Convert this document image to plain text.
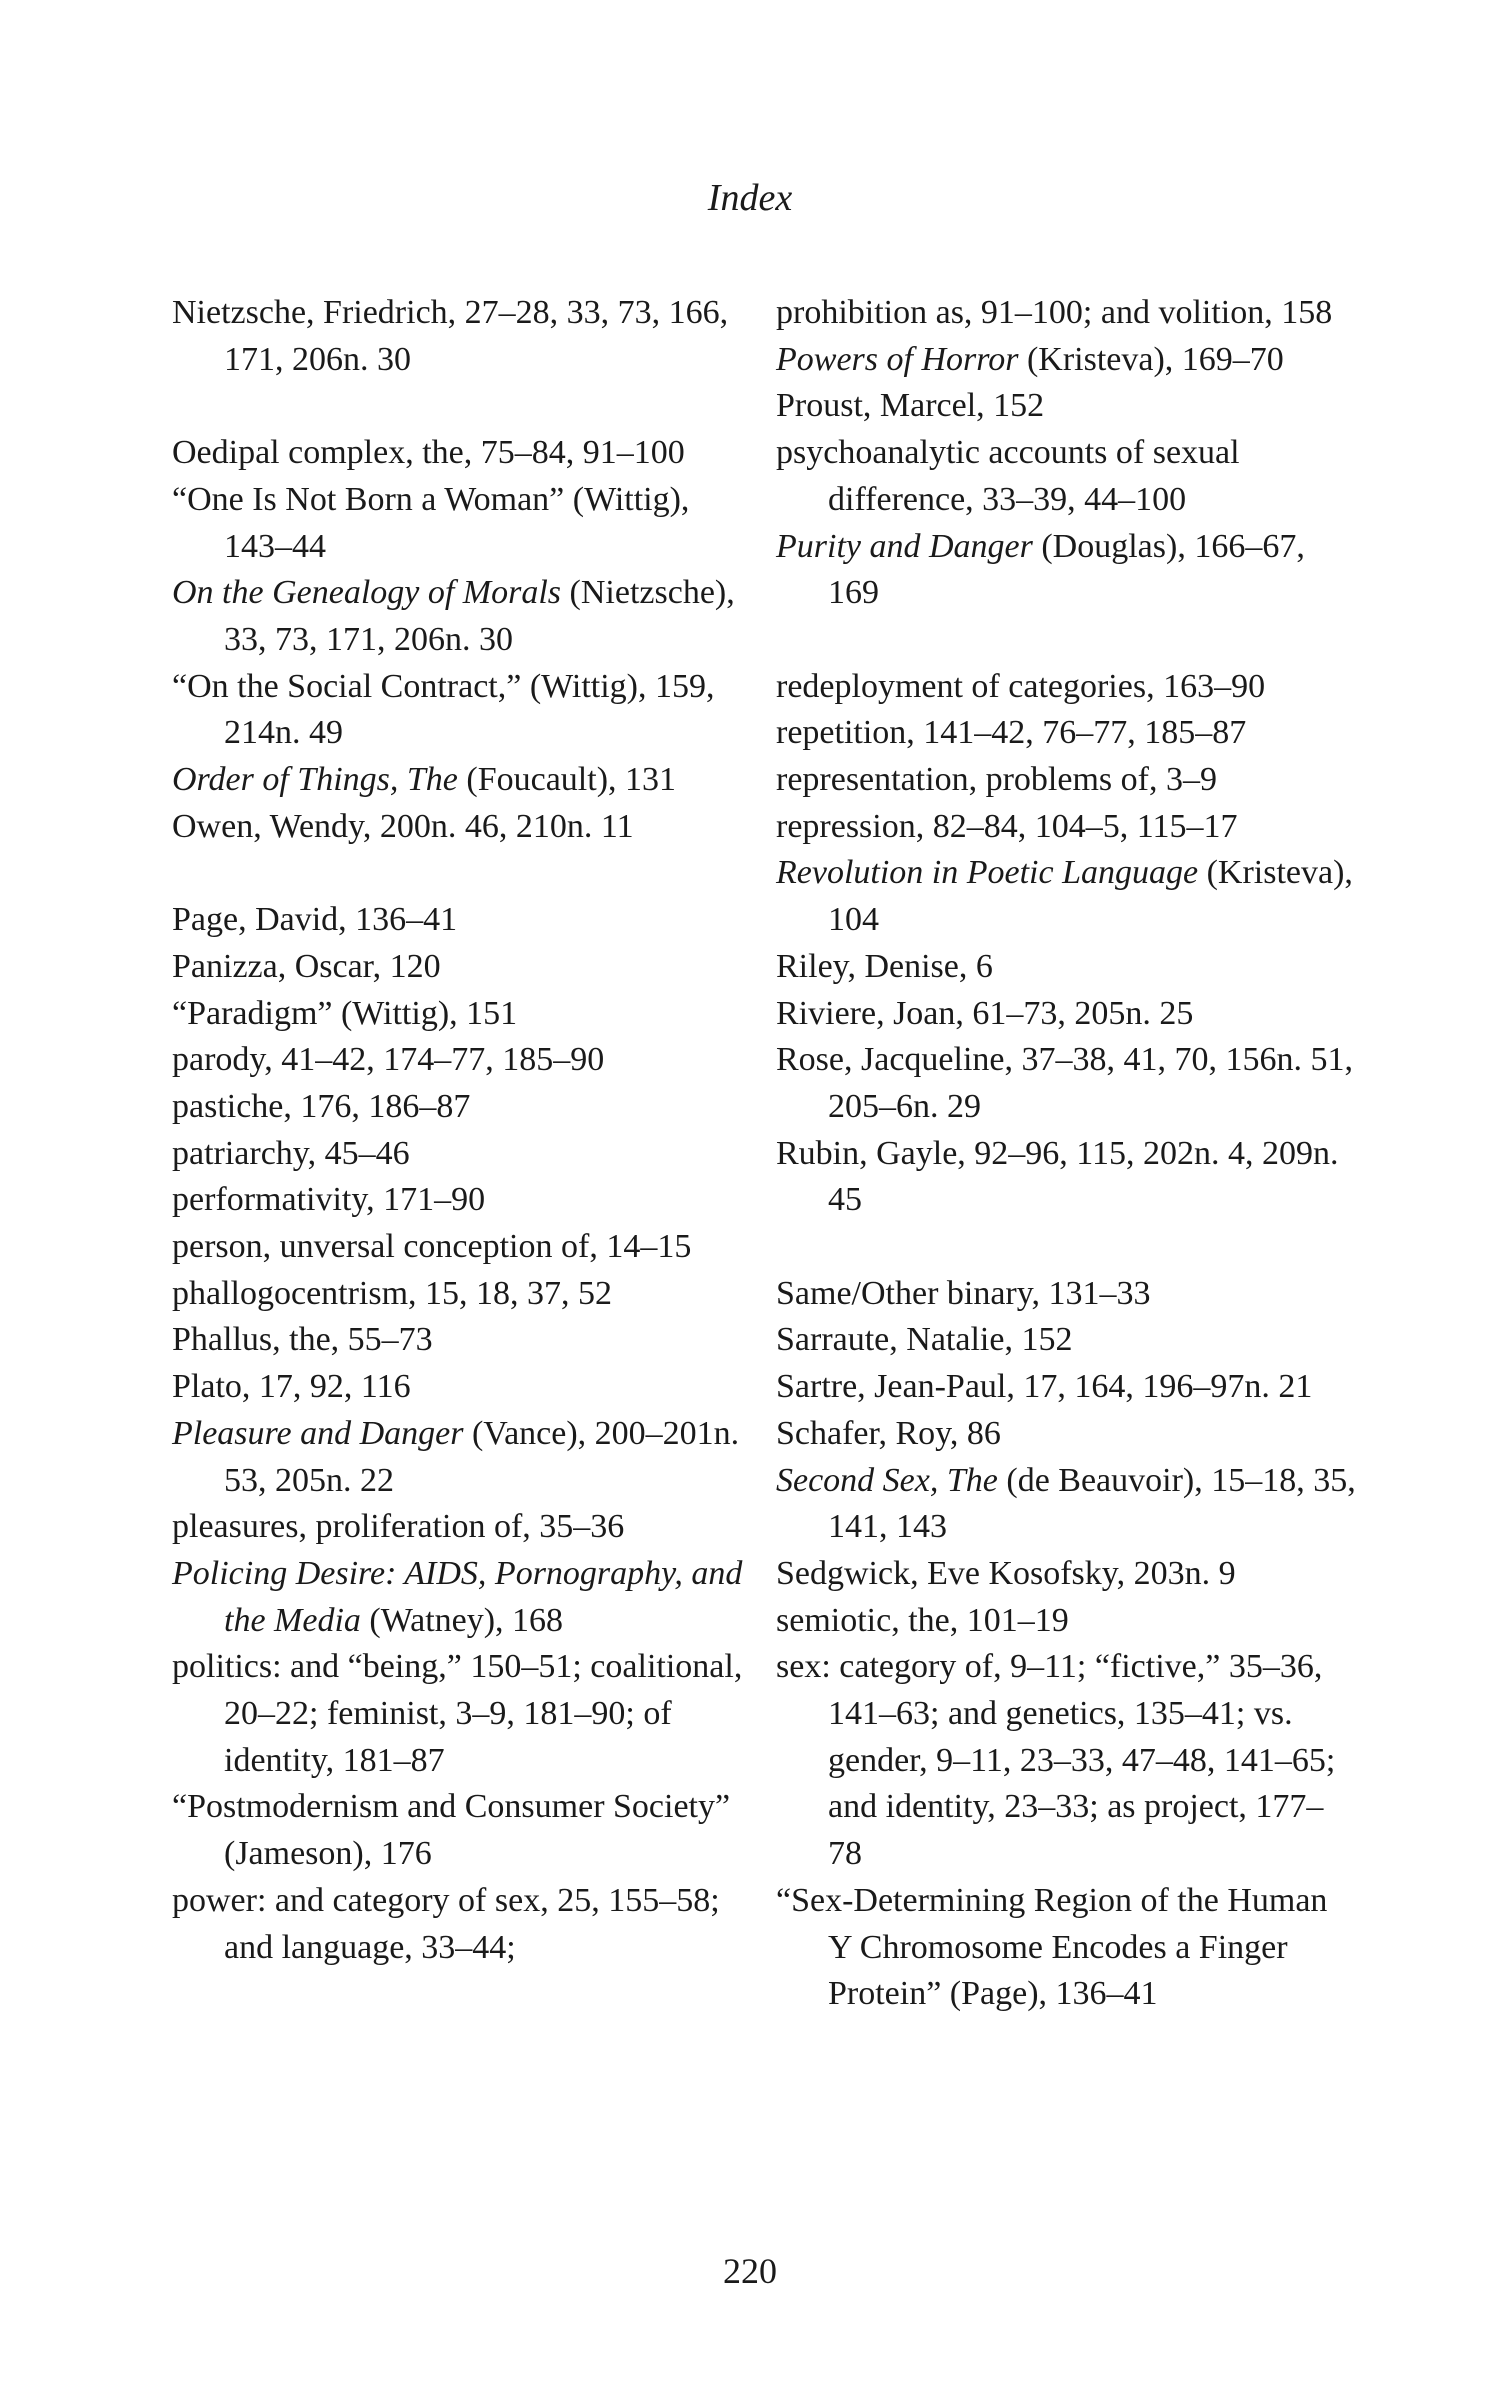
Index
Nietzsche, Friedrich, 27–28, 33, 73, 166, 171, 206n. 30
Oedipal complex, the, 75–84, 91–100
“One Is Not Born a Woman” (Wittig), 143–44
On the Genealogy of Morals (Nietzsche), 33, 73, 171, 206n. 30
“On the Social Contract,” (Wittig), 159, 214n. 49
Order of Things, The (Foucault), 131
Owen, Wendy, 200n. 46, 210n. 11
Page, David, 136–41
Panizza, Oscar, 120
“Paradigm” (Wittig), 151
parody, 41–42, 174–77, 185–90
pastiche, 176, 186–87
patriarchy, 45–46
performativity, 171–90
person, unversal conception of, 14–15
phallogocentrism, 15, 18, 37, 52
Phallus, the, 55–73
Plato, 17, 92, 116
Pleasure and Danger (Vance), 200–201n. 53, 205n. 22
pleasures, proliferation of, 35–36
Policing Desire: AIDS, Pornography, and the Media (Watney), 168
politics: and “being,” 150–51; coalitional, 20–22; feminist, 3–9, 181–90; of identity, 181–87
“Postmodernism and Consumer Society” (Jameson), 176
power: and category of sex, 25, 155–58; and language, 33–44;
prohibition as, 91–100; and volition, 158
Powers of Horror (Kristeva), 169–70
Proust, Marcel, 152
psychoanalytic accounts of sexual difference, 33–39, 44–100
Purity and Danger (Douglas), 166–67, 169
redeployment of categories, 163–90
repetition, 141–42, 76–77, 185–87
representation, problems of, 3–9
repression, 82–84, 104–5, 115–17
Revolution in Poetic Language (Kristeva), 104
Riley, Denise, 6
Riviere, Joan, 61–73, 205n. 25
Rose, Jacqueline, 37–38, 41, 70, 156n. 51, 205–6n. 29
Rubin, Gayle, 92–96, 115, 202n. 4, 209n. 45
Same/Other binary, 131–33
Sarraute, Natalie, 152
Sartre, Jean-Paul, 17, 164, 196–97n. 21
Schafer, Roy, 86
Second Sex, The (de Beauvoir), 15–18, 35, 141, 143
Sedgwick, Eve Kosofsky, 203n. 9
semiotic, the, 101–19
sex: category of, 9–11; “fictive,” 35–36, 141–63; and genetics, 135–41; vs. gender, 9–11, 23–33, 47–48, 141–65; and identity, 23–33; as project, 177–78
“Sex-Determining Region of the Human Y Chromosome Encodes a Finger Protein” (Page), 136–41
220
